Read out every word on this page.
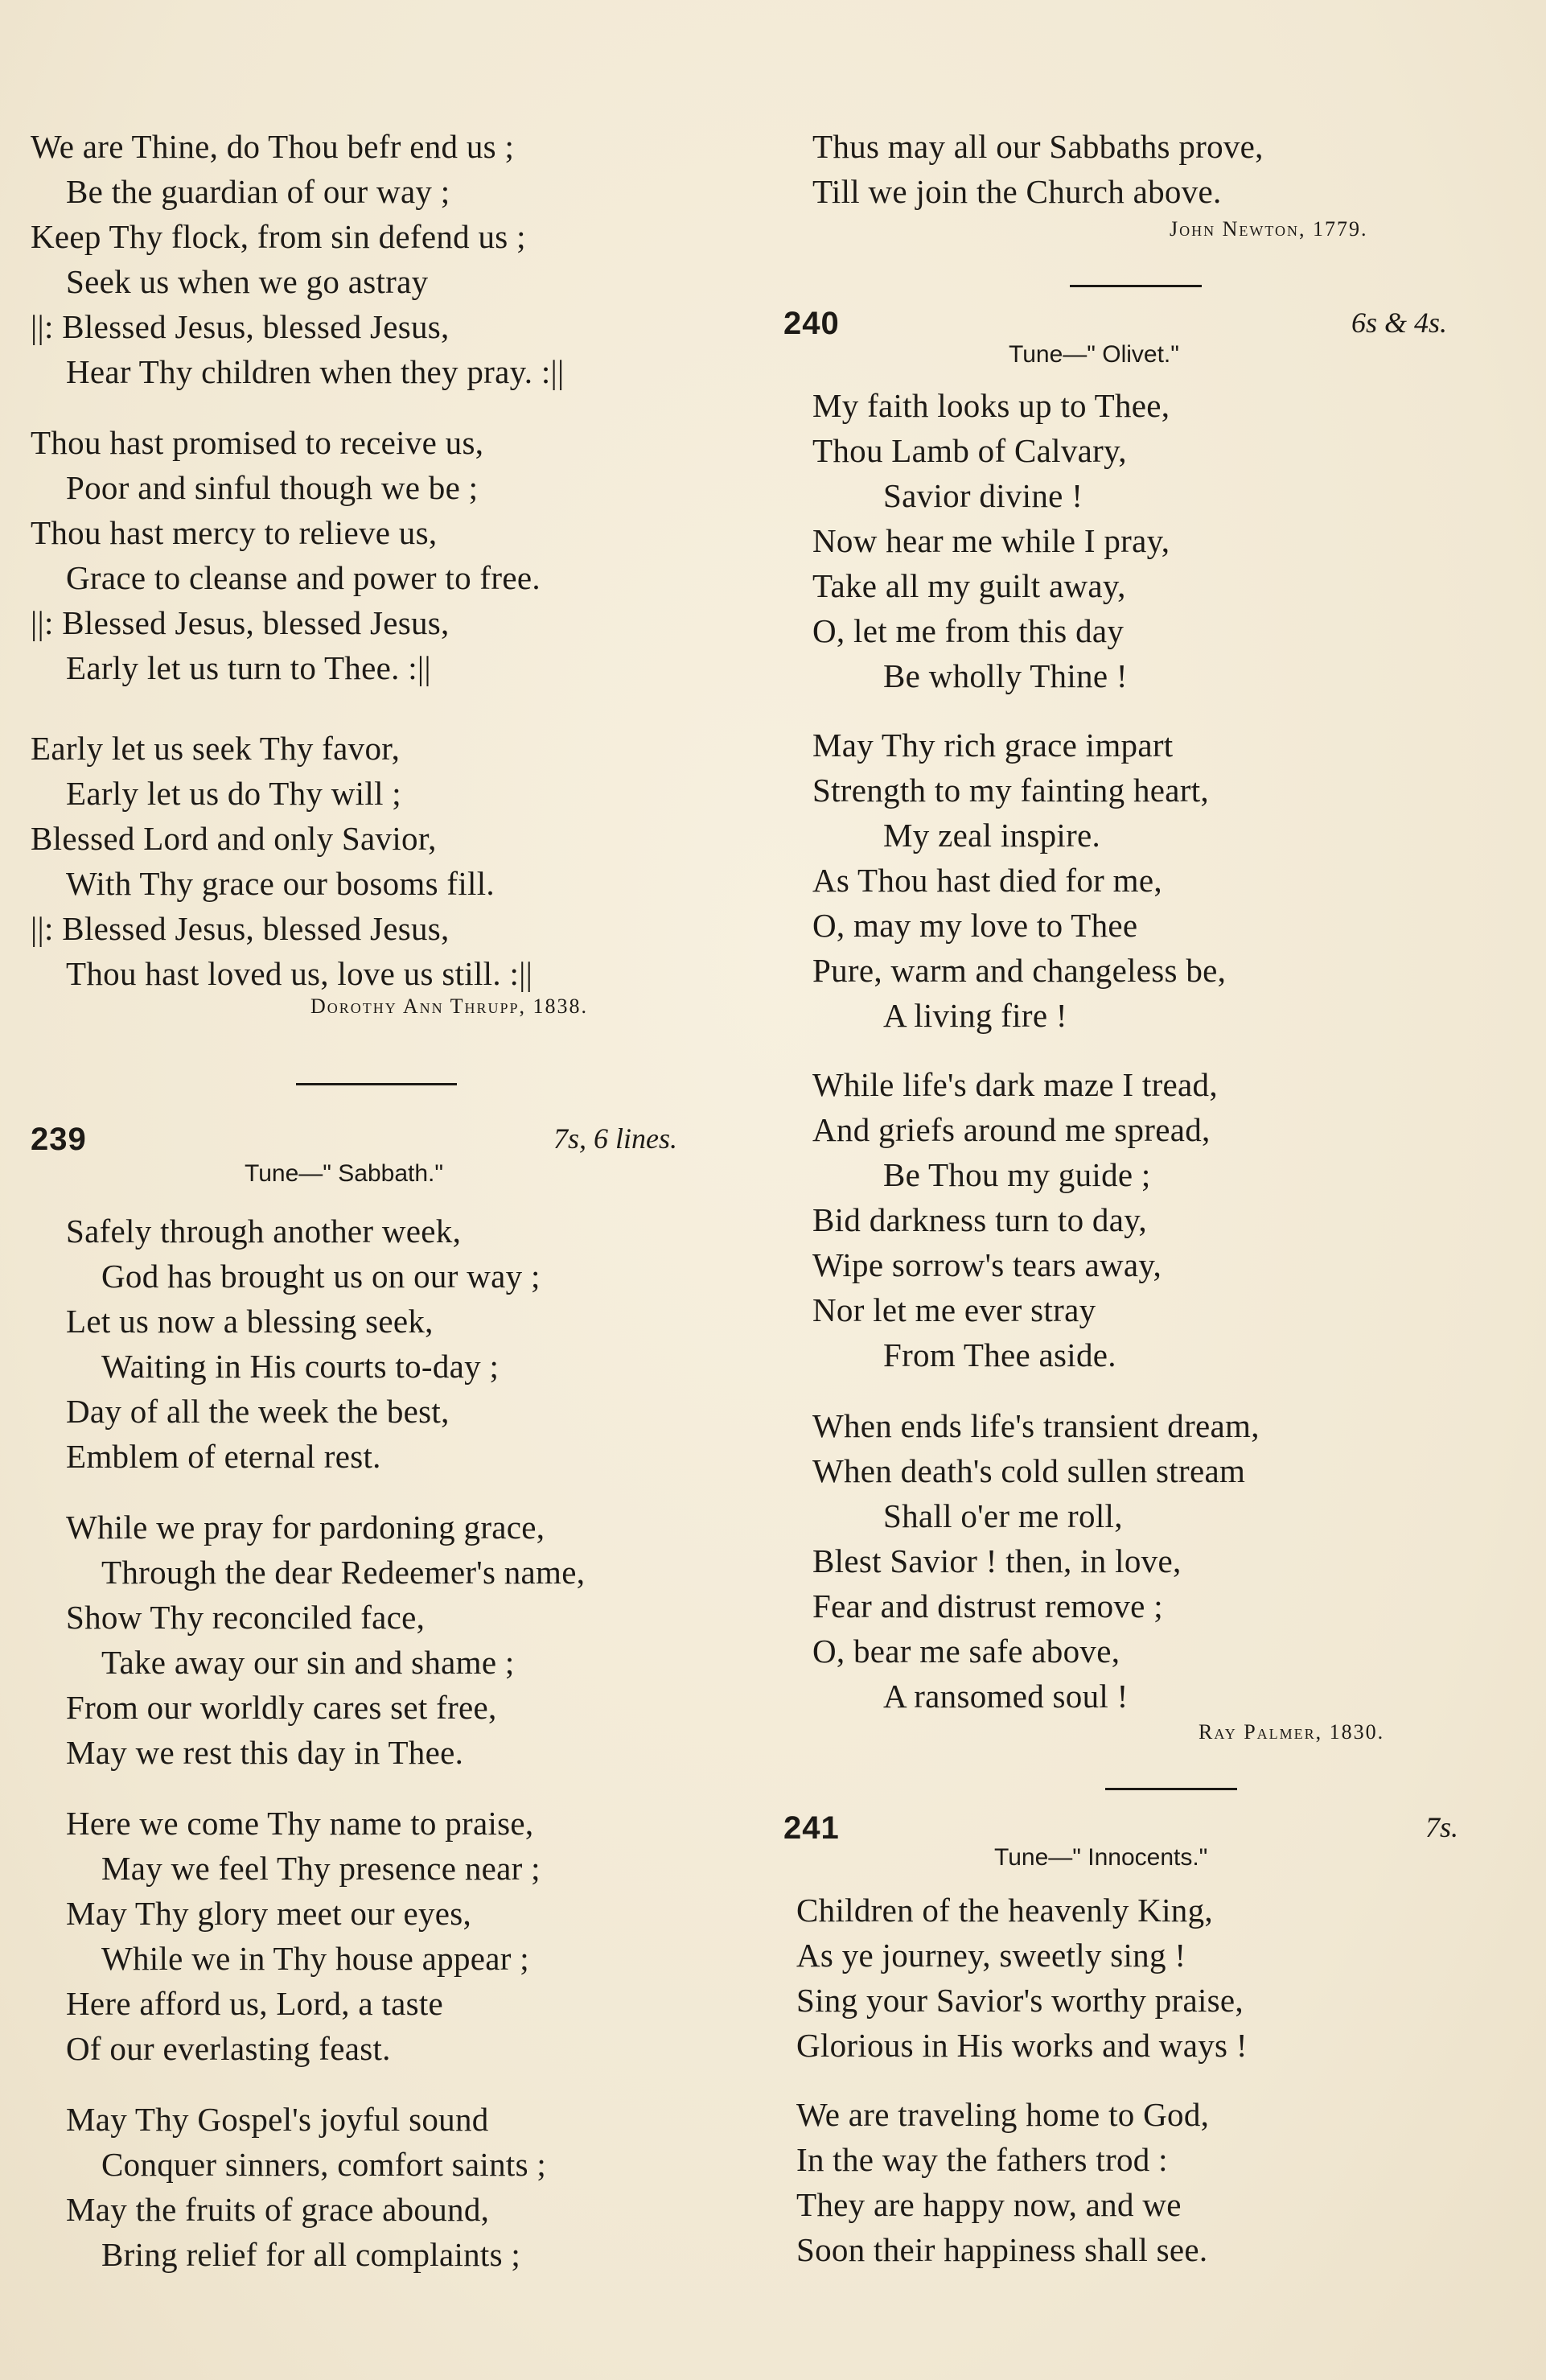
We are Thine, do Thou befr end us ;
Be the guardian of our way ;
Keep Thy flock, from sin defend us ;
Seek us when we go astray
||: Blessed Jesus, blessed Jesus,
Hear Thy children when they pray. :||
Thou hast promised to receive us,
Poor and sinful though we be ;
Thou hast mercy to relieve us,
Grace to cleanse and power to free.
||: Blessed Jesus, blessed Jesus,
Early let us turn to Thee. :||
Early let us seek Thy favor,
Early let us do Thy will ;
Blessed Lord and only Savior,
With Thy grace our bosoms fill.
||: Blessed Jesus, blessed Jesus,
Thou hast loved us, love us still. :||
Dorothy Ann Thrupp, 1838.
239	7s, 6 lines.
Tune—" Sabbath."
Safely through another week,
God has brought us on our way ;
Let us now a blessing seek,
Waiting in His courts to-day ;
Day of all the week the best,
Emblem of eternal rest.
While we pray for pardoning grace,
Through the dear Redeemer's name,
Show Thy reconciled face,
Take away our sin and shame ;
From our worldly cares set free,
May we rest this day in Thee.
Here we come Thy name to praise,
May we feel Thy presence near ;
May Thy glory meet our eyes,
While we in Thy house appear ;
Here afford us, Lord, a taste
Of our everlasting feast.
May Thy Gospel's joyful sound
Conquer sinners, comfort saints ;
May the fruits of grace abound,
Bring relief for all complaints ;
Thus may all our Sabbaths prove,
Till we join the Church above.
John Newton, 1779.
240	6s & 4s.
Tune—" Olivet."
My faith looks up to Thee,
Thou Lamb of Calvary,
Savior divine !
Now hear me while I pray,
Take all my guilt away,
O, let me from this day
Be wholly Thine !
May Thy rich grace impart
Strength to my fainting heart,
My zeal inspire.
As Thou hast died for me,
O, may my love to Thee
Pure, warm and changeless be,
A living fire !
While life's dark maze I tread,
And griefs around me spread,
Be Thou my guide ;
Bid darkness turn to day,
Wipe sorrow's tears away,
Nor let me ever stray
From Thee aside.
When ends life's transient dream,
When death's cold sullen stream
Shall o'er me roll,
Blest Savior ! then, in love,
Fear and distrust remove ;
O, bear me safe above,
A ransomed soul !
Ray Palmer, 1830.
241	7s.
Tune—" Innocents."
Children of the heavenly King,
As ye journey, sweetly sing !
Sing your Savior's worthy praise,
Glorious in His works and ways !
We are traveling home to God,
In the way the fathers trod :
They are happy now, and we
Soon their happiness shall see.
